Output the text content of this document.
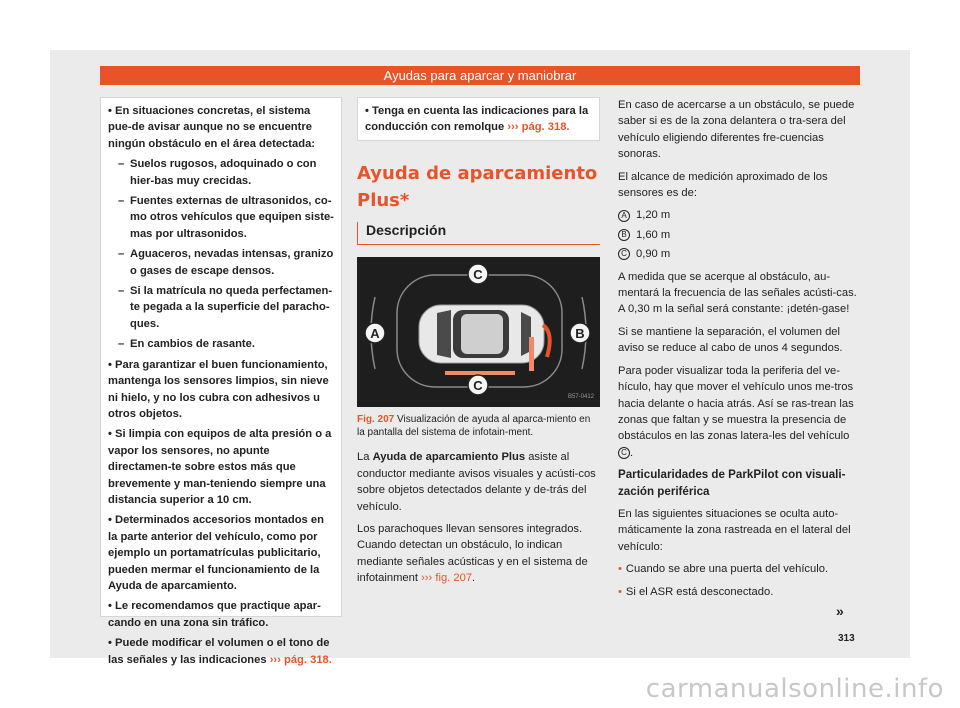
Ayudas para aparcar y maniobrar
• En situaciones concretas, el sistema pue-de avisar aunque no se encuentre ningún obstáculo en el área detectada:
– Suelos rugosos, adoquinado o con hier-bas muy crecidas.
– Fuentes externas de ultrasonidos, co-mo otros vehículos que equipen siste-mas por ultrasonidos.
– Aguaceros, nevadas intensas, granizo o gases de escape densos.
– Si la matrícula no queda perfectamen-te pegada a la superficie del paracho-ques.
– En cambios de rasante.
• Para garantizar el buen funcionamiento, mantenga los sensores limpios, sin nieve ni hielo, y no los cubra con adhesivos u otros objetos.
• Si limpia con equipos de alta presión o a vapor los sensores, no apunte directamen-te sobre estos más que brevemente y man-teniendo siempre una distancia superior a 10 cm.
• Determinados accesorios montados en la parte anterior del vehículo, como por ejemplo un portamatrículas publicitario, pueden mermar el funcionamiento de la Ayuda de aparcamiento.
• Le recomendamos que practique apar-cando en una zona sin tráfico.
• Puede modificar el volumen o el tono de las señales y las indicaciones ››› pág. 318.
• Tenga en cuenta las indicaciones para la conducción con remolque ››› pág. 318.
Ayuda de aparcamiento Plus*
Descripción
C
A	B
C
B57-0412
Fig. 207 Visualización de ayuda al aparca-miento en la pantalla del sistema de infotain-ment.

La Ayuda de aparcamiento Plus asiste al conductor mediante avisos visuales y acústi-cos sobre objetos detectados delante y de-trás del vehículo.

Los parachoques llevan sensores integrados. Cuando detectan un obstáculo, lo indican mediante señales acústicas y en el sistema de infotainment ››› fig. 207.

En caso de acercarse a un obstáculo, se puede saber si es de la zona delantera o tra-sera del vehículo eligiendo diferentes fre-cuencias sonoras.

El alcance de medición aproximado de los sensores es de:

A 1,20 m
B 1,60 m
C 0,90 m

A medida que se acerque al obstáculo, au-mentará la frecuencia de las señales acústi-cas. A 0,30 m la señal será constante: ¡detén-gase!

Si se mantiene la separación, el volumen del aviso se reduce al cabo de unos 4 segundos.

Para poder visualizar toda la periferia del ve-hículo, hay que mover el vehículo unos me-tros hacia delante o hacia atrás. Así se ras-trean las zonas que faltan y se muestra la presencia de obstáculos en las zonas latera-les del vehículo C .

Particularidades de ParkPilot con visuali-zación periférica

En las siguientes situaciones se oculta auto-máticamente la zona rastreada en el lateral del vehículo:

• Cuando se abre una puerta del vehículo.

• Si el ASR está desconectado.

»
313
carmanualsonline.info
